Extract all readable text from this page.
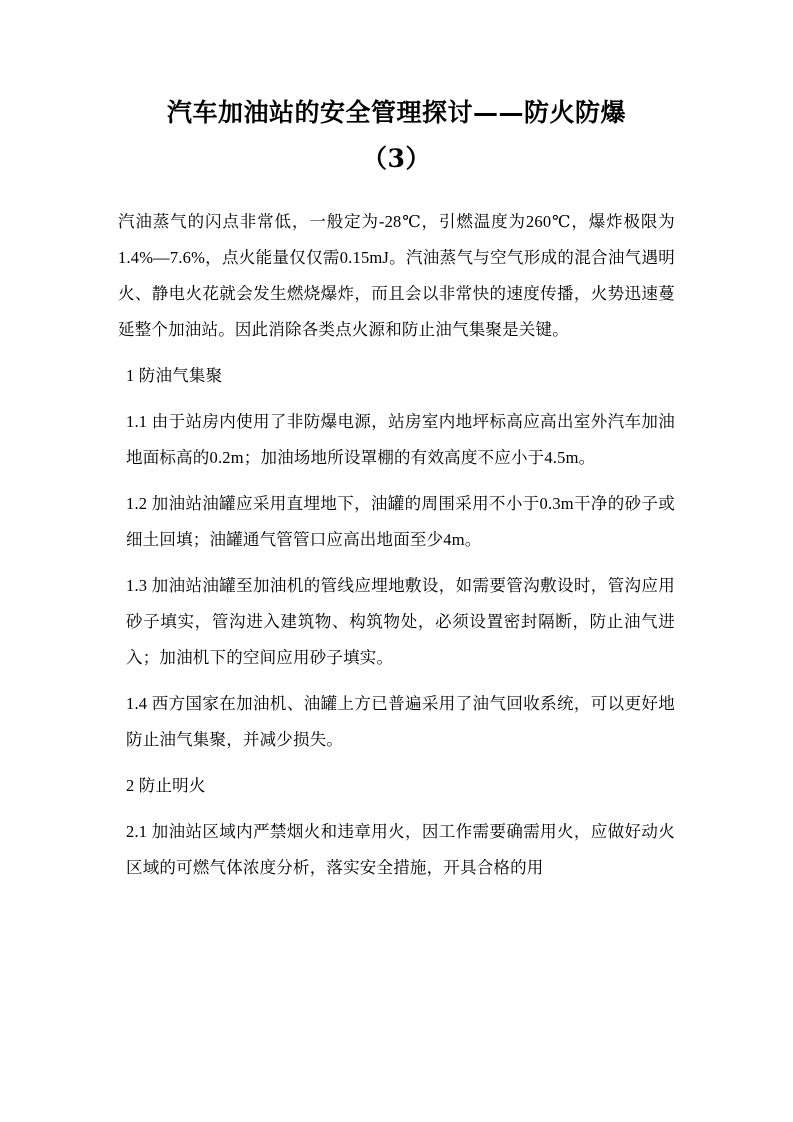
汽车加油站的安全管理探讨——防火防爆
（3）

汽油蒸气的闪点非常低，一般定为-28℃，引燃温度为260℃，爆炸极限为1.4%—7.6%，点火能量仅仅需0.15mJ。汽油蒸气与空气形成的混合油气遇明火、静电火花就会发生燃烧爆炸，而且会以非常快的速度传播，火势迅速蔓延整个加油站。因此消除各类点火源和防止油气集聚是关键。

1 防油气集聚

1.1 由于站房内使用了非防爆电源，站房室内地坪标高应高出室外汽车加油地面标高的0.2m；加油场地所设罩棚的有效高度不应小于4.5m。

1.2 加油站油罐应采用直埋地下，油罐的周围采用不小于0.3m干净的砂子或细土回填；油罐通气管管口应高出地面至少4m。

1.3 加油站油罐至加油机的管线应埋地敷设，如需要管沟敷设时，管沟应用砂子填实，管沟进入建筑物、构筑物处，必须设置密封隔断，防止油气进入；加油机下的空间应用砂子填实。

1.4 西方国家在加油机、油罐上方已普遍采用了油气回收系统，可以更好地防止油气集聚，并减少损失。

2 防止明火

2.1 加油站区域内严禁烟火和违章用火，因工作需要确需用火，应做好动火区域的可燃气体浓度分析，落实安全措施，开具合格的用
